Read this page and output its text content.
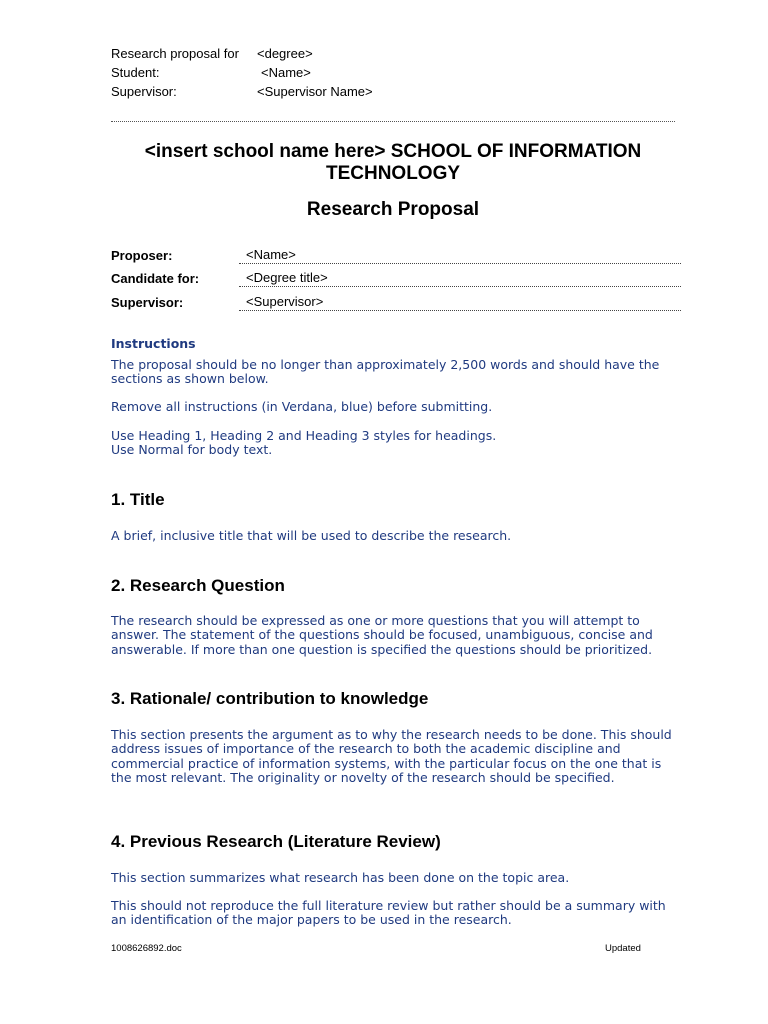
Research proposal for <degree>
Student:	<Name>
Supervisor:	<Supervisor Name>
<insert school name here> SCHOOL OF INFORMATION TECHNOLOGY
Research Proposal
Proposer:	<Name>
Candidate for:	<Degree title>
Supervisor:	<Supervisor>
Instructions

The proposal should be no longer than approximately 2,500 words and should have the sections as shown below.

Remove all instructions (in Verdana, blue) before submitting.

Use Heading 1, Heading 2 and Heading 3 styles for headings.
Use Normal for body text.

1. Title

A brief, inclusive title that will be used to describe the research.

2. Research Question

The research should be expressed as one or more questions that you will attempt to answer. The statement of the questions should be focused, unambiguous, concise and answerable. If more than one question is specified the questions should be prioritized.

3. Rationale/ contribution to knowledge

This section presents the argument as to why the research needs to be done. This should address issues of importance of the research to both the academic discipline and commercial practice of information systems, with the particular focus on the one that is the most relevant. The originality or novelty of the research should be specified.

4. Previous Research (Literature Review)

This section summarizes what research has been done on the topic area.

This should not reproduce the full literature review but rather should be a summary with an identification of the major papers to be used in the research.

1008626892.doc	Updated
